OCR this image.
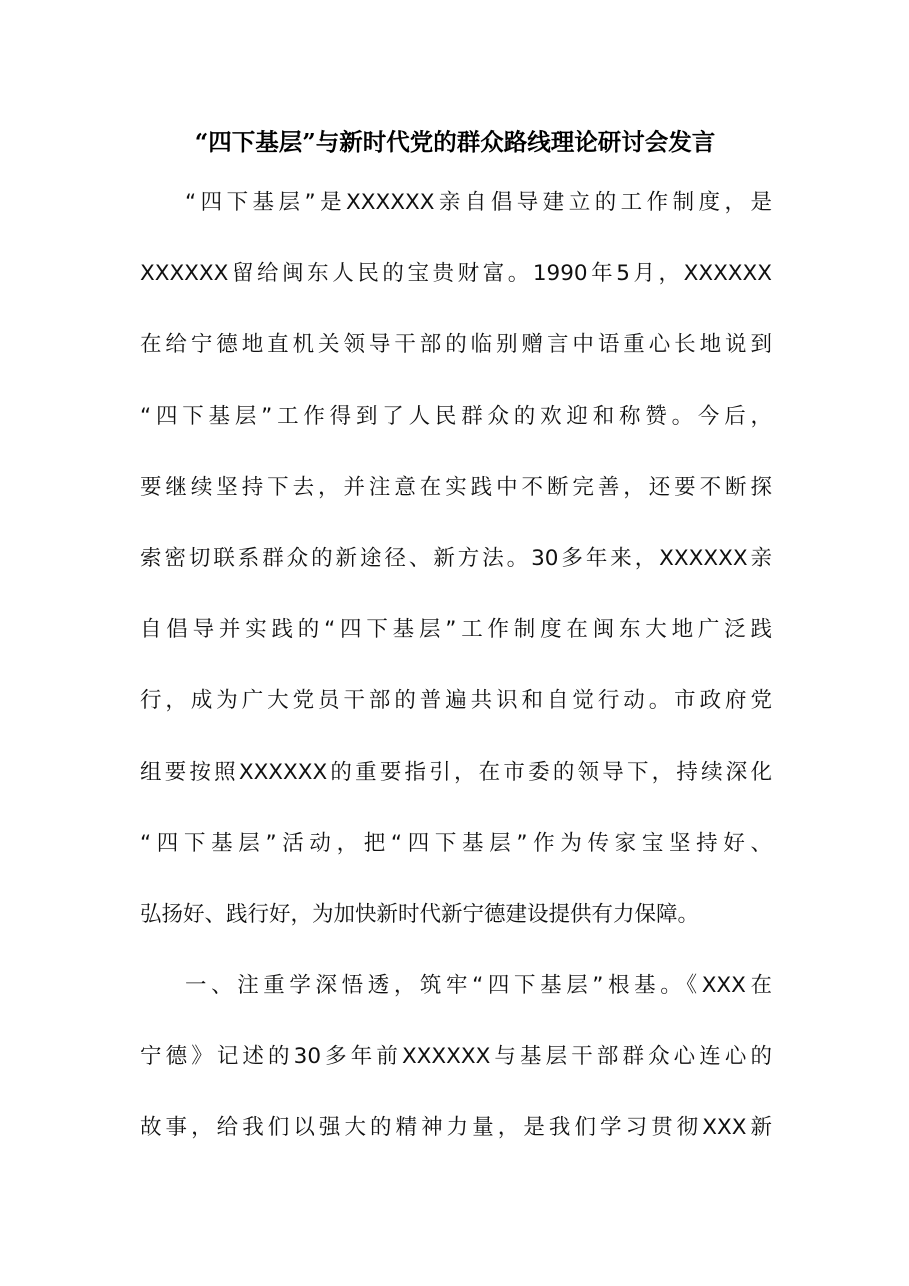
“四下基层”与新时代党的群众路线理论研讨会发言

“四下基层”是XXXXXX亲自倡导建立的工作制度，是

XXXXXX留给闽东人民的宝贵财富。1990年5月，XXXXXX

在给宁德地直机关领导干部的临别赠言中语重心长地说到

“四下基层”工作得到了人民群众的欢迎和称赞。今后，

要继续坚持下去，并注意在实践中不断完善，还要不断探

索密切联系群众的新途径、新方法。30多年来，XXXXXX亲

自倡导并实践的“四下基层”工作制度在闽东大地广泛践

行，成为广大党员干部的普遍共识和自觉行动。市政府党

组要按照XXXXXX的重要指引，在市委的领导下，持续深化

“四下基层”活动，把“四下基层”作为传家宝坚持好、

弘扬好、践行好，为加快新时代新宁德建设提供有力保障。

一、注重学深悟透，筑牢“四下基层”根基。《XXX在

宁德》记述的30多年前XXXXXX与基层干部群众心连心的

故事，给我们以强大的精神力量，是我们学习贯彻XXX新
